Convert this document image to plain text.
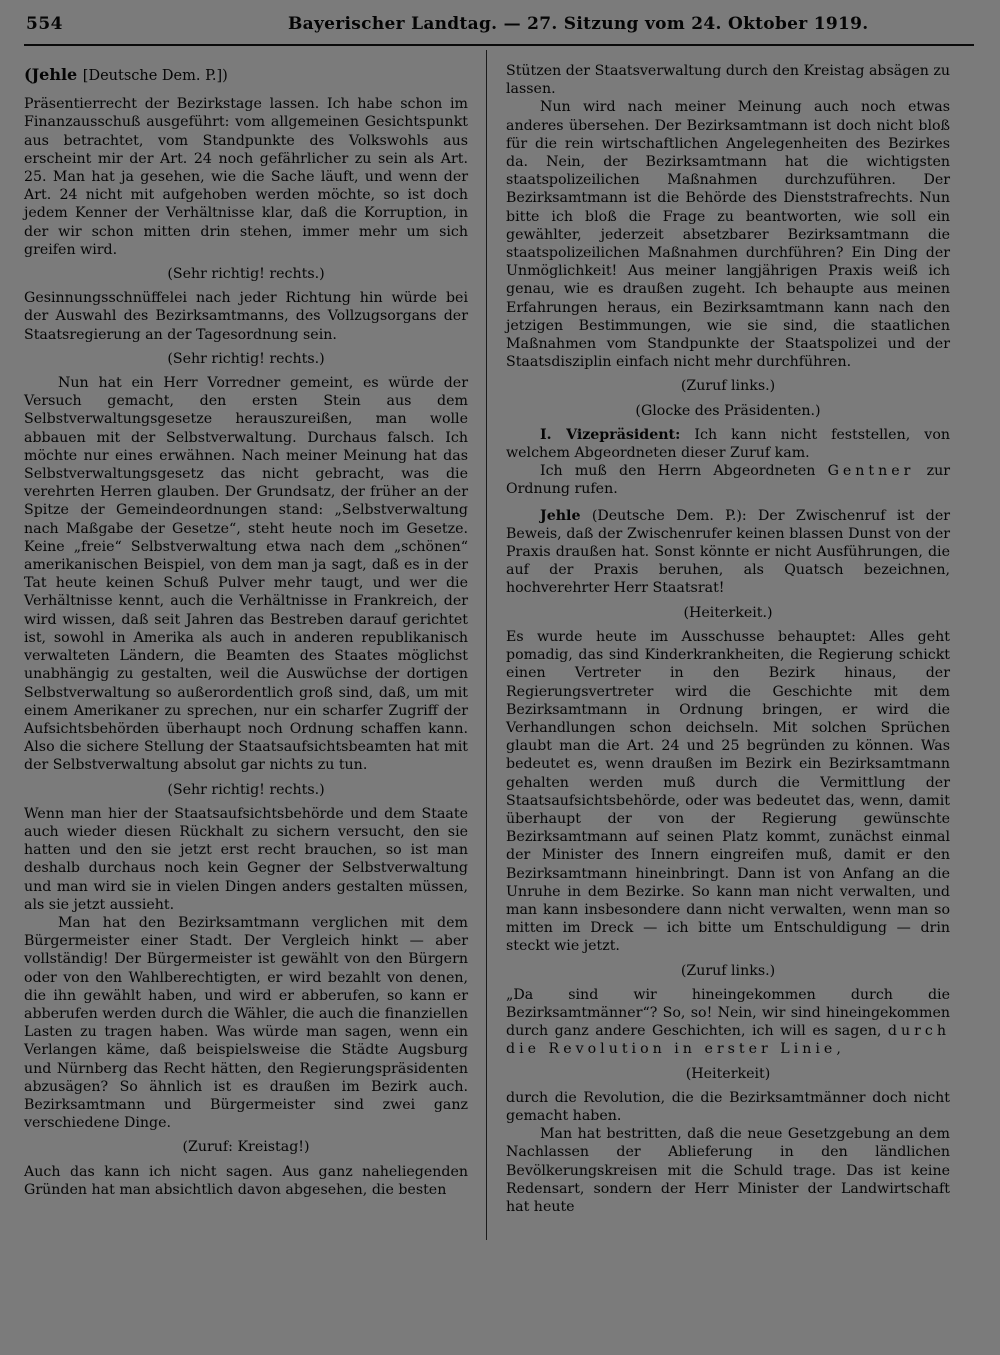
554	Bayerischer Landtag. — 27. Sitzung vom 24. Oktober 1919.
(Jehle [Deutsche Dem. P.])

Präsentierrecht der Bezirkstage lassen. Ich habe schon im Finanzausschuß ausgeführt: vom allgemeinen Gesichtspunkt aus betrachtet, vom Standpunkte des Volkswohls aus erscheint mir der Art. 24 noch gefährlicher zu sein als Art. 25. Man hat ja gesehen, wie die Sache läuft, und wenn der Art. 24 nicht mit aufgehoben werden möchte, so ist doch jedem Kenner der Verhältnisse klar, daß die Korruption, in der wir schon mitten drin stehen, immer mehr um sich greifen wird.

(Sehr richtig! rechts.)

Gesinnungsschnüffelei nach jeder Richtung hin würde bei der Auswahl des Bezirksamtmanns, des Vollzugsorgans der Staatsregierung an der Tagesordnung sein.

(Sehr richtig! rechts.)

Nun hat ein Herr Vorredner gemeint, es würde der Versuch gemacht, den ersten Stein aus dem Selbstverwaltungsgesetze herauszureißen, man wolle abbauen mit der Selbstverwaltung. Durchaus falsch. Ich möchte nur eines erwähnen. Nach meiner Meinung hat das Selbstverwaltungsgesetz das nicht gebracht, was die verehrten Herren glauben. Der Grundsatz, der früher an der Spitze der Gemeindeordnungen stand: „Selbstverwaltung nach Maßgabe der Gesetze“, steht heute noch im Gesetze. Keine „freie“ Selbstverwaltung etwa nach dem „schönen“ amerikanischen Beispiel, von dem man ja sagt, daß es in der Tat heute keinen Schuß Pulver mehr taugt, und wer die Verhältnisse kennt, auch die Verhältnisse in Frankreich, der wird wissen, daß seit Jahren das Bestreben darauf gerichtet ist, sowohl in Amerika als auch in anderen republikanisch verwalteten Ländern, die Beamten des Staates möglichst unabhängig zu gestalten, weil die Auswüchse der dortigen Selbstverwaltung so außerordentlich groß sind, daß, um mit einem Amerikaner zu sprechen, nur ein scharfer Zugriff der Aufsichtsbehörden überhaupt noch Ordnung schaffen kann. Also die sichere Stellung der Staatsaufsichtsbeamten hat mit der Selbstverwaltung absolut gar nichts zu tun.

(Sehr richtig! rechts.)

Wenn man hier der Staatsaufsichtsbehörde und dem Staate auch wieder diesen Rückhalt zu sichern versucht, den sie hatten und den sie jetzt erst recht brauchen, so ist man deshalb durchaus noch kein Gegner der Selbstverwaltung und man wird sie in vielen Dingen anders gestalten müssen, als sie jetzt aussieht.

Man hat den Bezirksamtmann verglichen mit dem Bürgermeister einer Stadt. Der Vergleich hinkt — aber vollständig! Der Bürgermeister ist gewählt von den Bürgern oder von den Wahlberechtigten, er wird bezahlt von denen, die ihn gewählt haben, und wird er abberufen, so kann er abberufen werden durch die Wähler, die auch die finanziellen Lasten zu tragen haben. Was würde man sagen, wenn ein Verlangen käme, daß beispielsweise die Städte Augsburg und Nürnberg das Recht hätten, den Regierungspräsidenten abzusägen? So ähnlich ist es draußen im Bezirk auch. Bezirksamtmann und Bürgermeister sind zwei ganz verschiedene Dinge.

(Zuruf: Kreistag!)

Auch das kann ich nicht sagen. Aus ganz naheliegenden Gründen hat man absichtlich davon abgesehen, die besten

Stützen der Staatsverwaltung durch den Kreistag absägen zu lassen.

Nun wird nach meiner Meinung auch noch etwas anderes übersehen. Der Bezirksamtmann ist doch nicht bloß für die rein wirtschaftlichen Angelegenheiten des Bezirkes da. Nein, der Bezirksamtmann hat die wichtigsten staatspolizeilichen Maßnahmen durchzuführen. Der Bezirksamtmann ist die Behörde des Dienststrafrechts. Nun bitte ich bloß die Frage zu beantworten, wie soll ein gewählter, jederzeit absetzbarer Bezirksamtmann die staatspolizeilichen Maßnahmen durchführen? Ein Ding der Unmöglichkeit! Aus meiner langjährigen Praxis weiß ich genau, wie es draußen zugeht. Ich behaupte aus meinen Erfahrungen heraus, ein Bezirksamtmann kann nach den jetzigen Bestimmungen, wie sie sind, die staatlichen Maßnahmen vom Standpunkte der Staatspolizei und der Staatsdisziplin einfach nicht mehr durchführen.

(Zuruf links.)
(Glocke des Präsidenten.)

I. Vizepräsident: Ich kann nicht feststellen, von welchem Abgeordneten dieser Zuruf kam.

Ich muß den Herrn Abgeordneten Gentner zur Ordnung rufen.

Jehle (Deutsche Dem. P.): Der Zwischenruf ist der Beweis, daß der Zwischenrufer keinen blassen Dunst von der Praxis draußen hat. Sonst könnte er nicht Ausführungen, die auf der Praxis beruhen, als Quatsch bezeichnen, hochverehrter Herr Staatsrat!

(Heiterkeit.)

Es wurde heute im Ausschusse behauptet: Alles geht pomadig, das sind Kinderkrankheiten, die Regierung schickt einen Vertreter in den Bezirk hinaus, der Regierungsvertreter wird die Geschichte mit dem Bezirksamtmann in Ordnung bringen, er wird die Verhandlungen schon deichseln. Mit solchen Sprüchen glaubt man die Art. 24 und 25 begründen zu können. Was bedeutet es, wenn draußen im Bezirk ein Bezirksamtmann gehalten werden muß durch die Vermittlung der Staatsaufsichtsbehörde, oder was bedeutet das, wenn, damit überhaupt der von der Regierung gewünschte Bezirksamtmann auf seinen Platz kommt, zunächst einmal der Minister des Innern eingreifen muß, damit er den Bezirksamtmann hineinbringt. Dann ist von Anfang an die Unruhe in dem Bezirke. So kann man nicht verwalten, und man kann insbesondere dann nicht verwalten, wenn man so mitten im Dreck — ich bitte um Entschuldigung — drin steckt wie jetzt.

(Zuruf links.)

„Da sind wir hineingekommen durch die Bezirksamtmänner“? So, so! Nein, wir sind hineingekommen durch ganz andere Geschichten, ich will es sagen, durch die Revolution in erster Linie,

(Heiterkeit)

durch die Revolution, die die Bezirksamtmänner doch nicht gemacht haben.

Man hat bestritten, daß die neue Gesetzgebung an dem Nachlassen der Ablieferung in den ländlichen Bevölkerungskreisen mit die Schuld trage. Das ist keine Redensart, sondern der Herr Minister der Landwirtschaft hat heute
